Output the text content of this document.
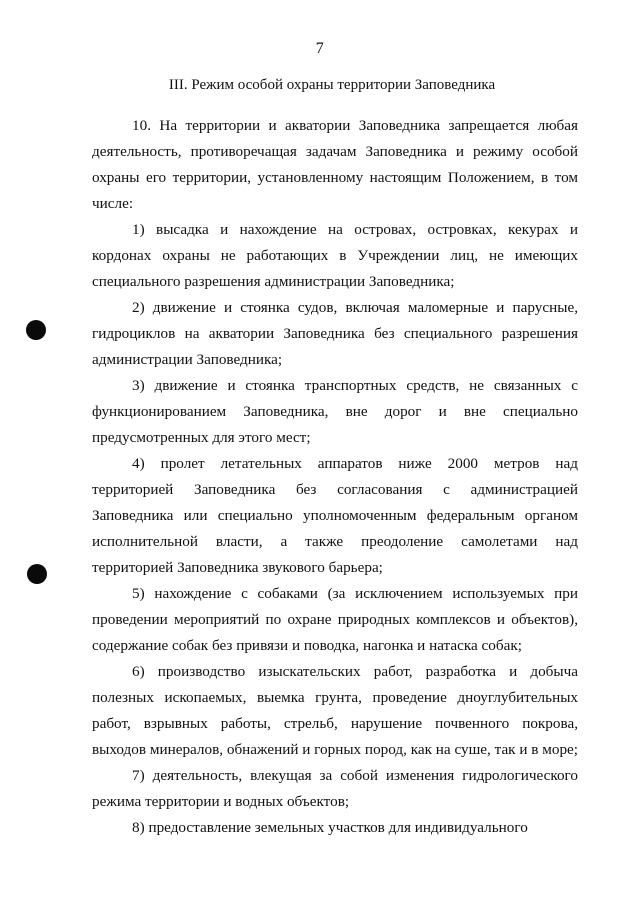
7
III. Режим особой охраны территории Заповедника

10. На территории и акватории Заповедника запрещается любая деятельность, противоречащая задачам Заповедника и режиму особой охраны его территории, установленному настоящим Положением, в том числе:

1) высадка и нахождение на островах, островках, кекурах и кордонах охраны не работающих в Учреждении лиц, не имеющих специального разрешения администрации Заповедника;

2) движение и стоянка судов, включая маломерные и парусные, гидроциклов на акватории Заповедника без специального разрешения администрации Заповедника;

3) движение и стоянка транспортных средств, не связанных с функционированием Заповедника, вне дорог и вне специально предусмотренных для этого мест;

4) пролет летательных аппаратов ниже 2000 метров над территорией Заповедника без согласования с администрацией Заповедника или специально уполномоченным федеральным органом исполнительной власти, а также преодоление самолетами над территорией Заповедника звукового барьера;

5) нахождение с собаками (за исключением используемых при проведении мероприятий по охране природных комплексов и объектов), содержание собак без привязи и поводка, нагонка и натаска собак;

6) производство изыскательских работ, разработка и добыча полезных ископаемых, выемка грунта, проведение дноуглубительных работ, взрывных работы, стрельб, нарушение почвенного покрова, выходов минералов, обнажений и горных пород, как на суше, так и в море;

7) деятельность, влекущая за собой изменения гидрологического режима территории и водных объектов;

8) предоставление земельных участков для индивидуального
